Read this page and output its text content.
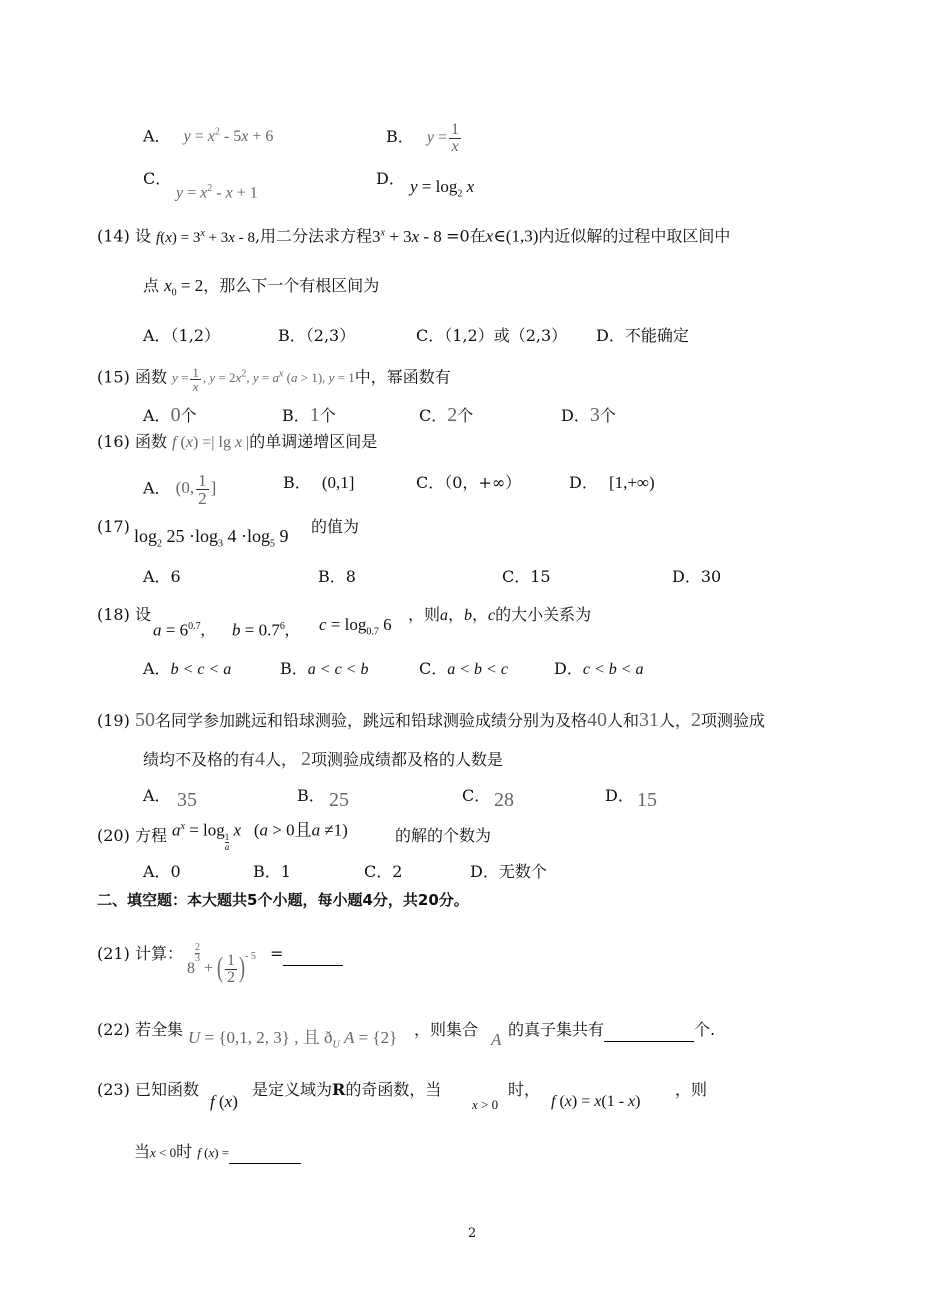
A． $y = x^2 - 5x + 6$	B． $y = \frac{1}{x}$
C．
$y = x^2 - x + 1$
D． $y = \log_2 x$
(14) 设 $f(x) = 3^x + 3x - 8$,用二分法求方程$3^x + 3x - 8 =0$在x∈(1,3)内近似解的过程中取区间中
点 $x_0 = 2$，那么下一个有根区间为
A．（1,2）	B．（2,3）	C．（1,2）或（2,3） D．不能确定
(15) 函数 $y = \frac{1}{x}$ , $y = 2x^2$, $y = a^x$ (a > 1), y = 1中，幂函数有
A．0个	B．1个	C．2个	D．3个
(16) 函数 f (x) =| lg x |的单调递增区间是
A． (0, $\frac{1}{2}$ ]	B． (0,1]	C．（0，+∞）	D． [1,+∞)
(17) $\log_2 25 \cdot\log_3$ $4 \cdot\log_5$ 9 的值为
A．6	B．8	C．15	D．30
(18) 设
$a = 6^{0.7}$, $b = 0.7^6$, $c = \log_{0.7} 6$
，则a，b，c的大小关系为
A．b < c < a	B．a < c < b	C．a < b < c	D．c < b < a
(19) 50名同学参加跳远和铅球测验，跳远和铅球测验成绩分别为及格40人和31人，2项测验成
绩均不及格的有4人， 2项测验成绩都及格的人数是
A． 35	B． 25	C． 28	D． 15
(20) 方程 $a^x = \log$
$\frac{1}{a}$
x   (a > 0且a ≠1)	的解的个数为
A．0	B．1	C．2	D．无数个
二、填空题：本大题共5个小题，每小题4分，共20分。
(21) 计算：
8
$^{\frac{2}{3}}$
+ ( $\frac{1}{2} )^{- 5}$ =
(22) 若全集 U = {0,1, 2, 3} , 且 $ð_U$ A = {2} ，则集合
A
的真子集共有	个.
(23) 已知函数
f (x)
是定义域为R的奇函数，当
x > 0
时，
f (x) = x(1 - x)
，则
当x < 0时 f (x) =
2
